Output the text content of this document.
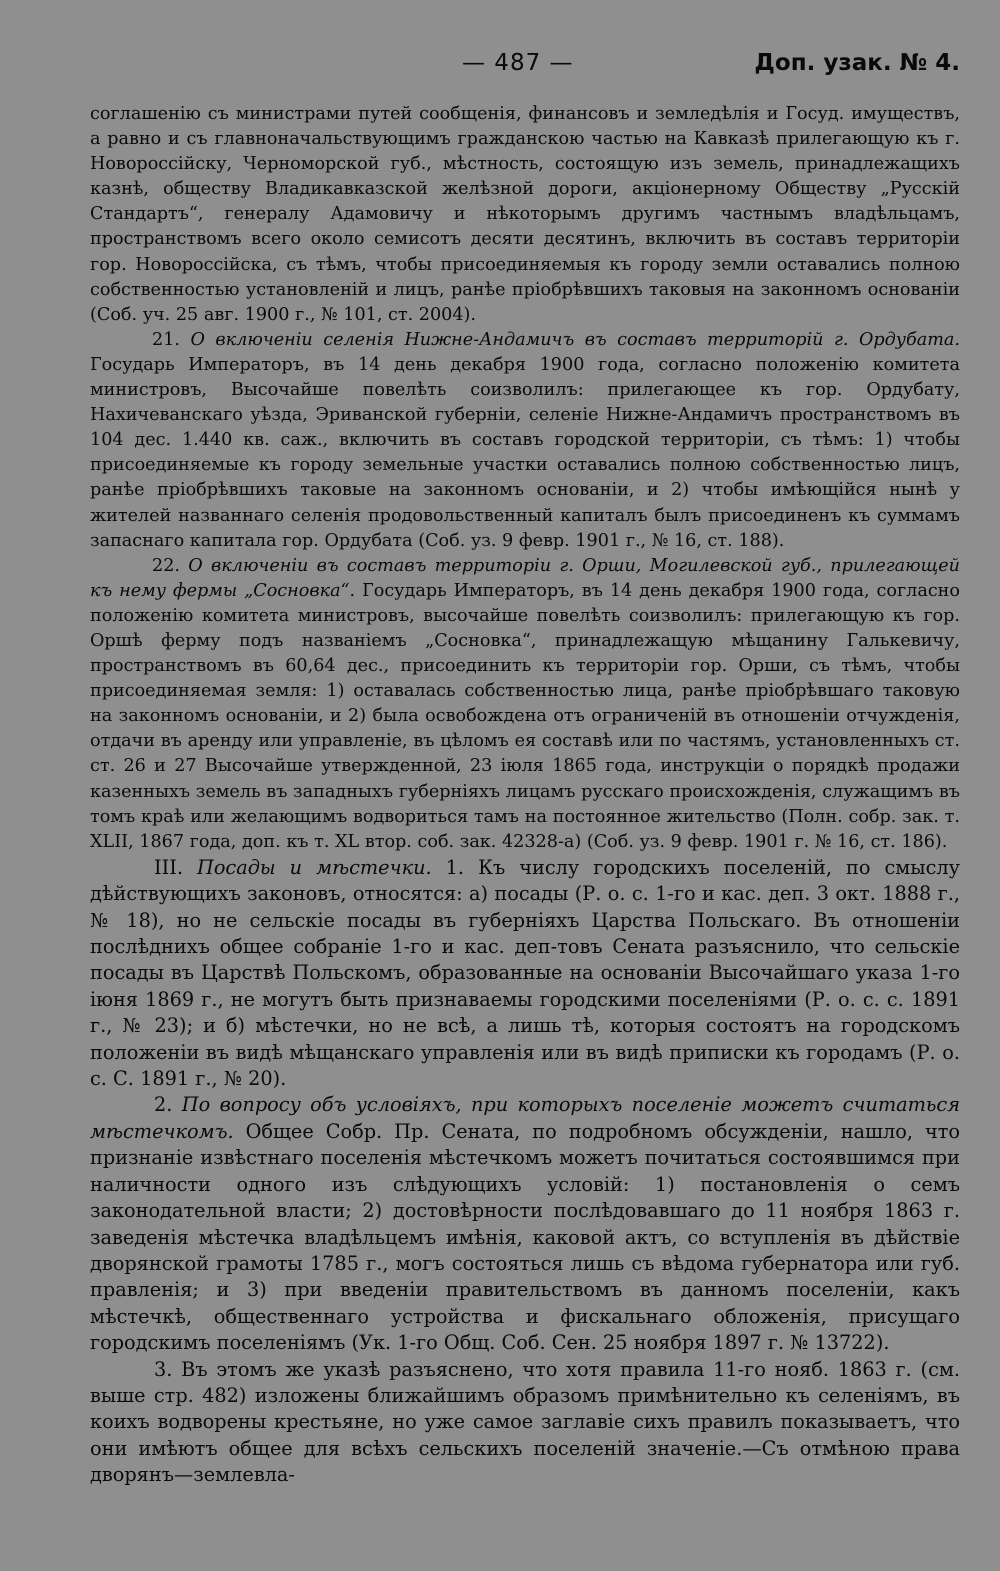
— 487 —	Доп. узак. № 4.

соглашенію съ министрами путей сообщенія, финансовъ и земледѣлія и Госуд. имуществъ, а равно и съ главноначальствующимъ гражданскою частью на Кавказѣ прилегающую къ г. Новороссійску, Черноморской губ., мѣстность, состоящую изъ земель, принадлежащихъ казнѣ, обществу Владикавказской желѣзной дороги, акціонерному Обществу „Русскій Стандартъ“, генералу Адамовичу и нѣкоторымъ другимъ частнымъ владѣльцамъ, пространствомъ всего около семисотъ десяти десятинъ, включить въ составъ территоріи гор. Новороссійска, съ тѣмъ, чтобы присоединяемыя къ городу земли оставались полною собственностью установленій и лицъ, ранѣе пріобрѣвшихъ таковыя на законномъ основаніи (Соб. уч. 25 авг. 1900 г., № 101, ст. 2004).

21. О включеніи селенія Нижне-Андамичъ въ составъ территорій г. Ордубата. Государь Императоръ, въ 14 день декабря 1900 года, согласно положенію комитета министровъ, Высочайше повелѣть соизволилъ: прилегающее къ гор. Ордубату, Нахичеванскаго уѣзда, Эриванской губерніи, селеніе Нижне-Андамичъ пространствомъ въ 104 дес. 1.440 кв. саж., включить въ составъ городской территоріи, съ тѣмъ: 1) чтобы присоединяемые къ городу земельные участки оставались полною собственностью лицъ, ранѣе пріобрѣвшихъ таковые на законномъ основаніи, и 2) чтобы имѣющійся нынѣ у жителей названнаго селенія продовольственный капиталъ былъ присоединенъ къ суммамъ запаснаго капитала гор. Ордубата (Соб. уз. 9 февр. 1901 г., № 16, ст. 188).

22. О включеніи въ составъ территоріи г. Орши, Могилевской губ., прилегающей къ нему фермы „Сосновка“. Государь Императоръ, въ 14 день декабря 1900 года, согласно положенію комитета министровъ, высочайше повелѣть соизволилъ: прилегающую къ гор. Оршѣ ферму подъ названіемъ „Сосновка“, принадлежащую мѣщанину Галькевичу, пространствомъ въ 60,64 дес., присоединить къ территоріи гор. Орши, съ тѣмъ, чтобы присоединяемая земля: 1) оставалась собственностью лица, ранѣе пріобрѣвшаго таковую на законномъ основаніи, и 2) была освобождена отъ ограниченій въ отношеніи отчужденія, отдачи въ аренду или управленіе, въ цѣломъ ея составѣ или по частямъ, установленныхъ ст. ст. 26 и 27 Высочайше утвержденной, 23 іюля 1865 года, инструкціи о порядкѣ продажи казенныхъ земель въ западныхъ губерніяхъ лицамъ русскаго происхожденія, служащимъ въ томъ краѣ или желающимъ водвориться тамъ на постоянное жительство (Полн. собр. зак. т. XLII, 1867 года, доп. къ т. XL втор. соб. зак. 42328-а) (Соб. уз. 9 февр. 1901 г. № 16, ст. 186).

III. Посады и мѣстечки. 1. Къ числу городскихъ поселеній, по смыслу дѣйствующихъ законовъ, относятся: а) посады (Р. о. с. 1-го и кас. деп. 3 окт. 1888 г., № 18), но не сельскіе посады въ губерніяхъ Царства Польскаго. Въ отношеніи послѣднихъ общее собраніе 1-го и кас. деп-товъ Сената разъяснило, что сельскіе посады въ Царствѣ Польскомъ, образованные на основаніи Высочайшаго указа 1-го іюня 1869 г., не могутъ быть признаваемы городскими поселеніями (Р. о. с. с. 1891 г., № 23); и б) мѣстечки, но не всѣ, а лишь тѣ, которыя состоятъ на городскомъ положеніи въ видѣ мѣщанскаго управленія или въ видѣ приписки къ городамъ (Р. о. с. С. 1891 г., № 20).

2. По вопросу объ условіяхъ, при которыхъ поселеніе можетъ считаться мѣстечкомъ. Общее Собр. Пр. Сената, по подробномъ обсужденіи, нашло, что признаніе извѣстнаго поселенія мѣстечкомъ можетъ почитаться состоявшимся при наличности одного изъ слѣдующихъ условій: 1) постановленія о семъ законодательной власти; 2) достовѣрности послѣдовавшаго до 11 ноября 1863 г. заведенія мѣстечка владѣльцемъ имѣнія, каковой актъ, со вступленія въ дѣйствіе дворянской грамоты 1785 г., могъ состояться лишь съ вѣдома губернатора или губ. правленія; и 3) при введеніи правительствомъ въ данномъ поселеніи, какъ мѣстечкѣ, общественнаго устройства и фискальнаго обложенія, присущаго городскимъ поселеніямъ (Ук. 1-го Общ. Соб. Сен. 25 ноября 1897 г. № 13722).

3. Въ этомъ же указѣ разъяснено, что хотя правила 11-го нояб. 1863 г. (см. выше стр. 482) изложены ближайшимъ образомъ примѣнительно къ селеніямъ, въ коихъ водворены крестьяне, но уже самое заглавіе сихъ правилъ показываетъ, что они имѣютъ общее для всѣхъ сельскихъ поселеній значеніе.—Съ отмѣною права дворянъ—землевла-
